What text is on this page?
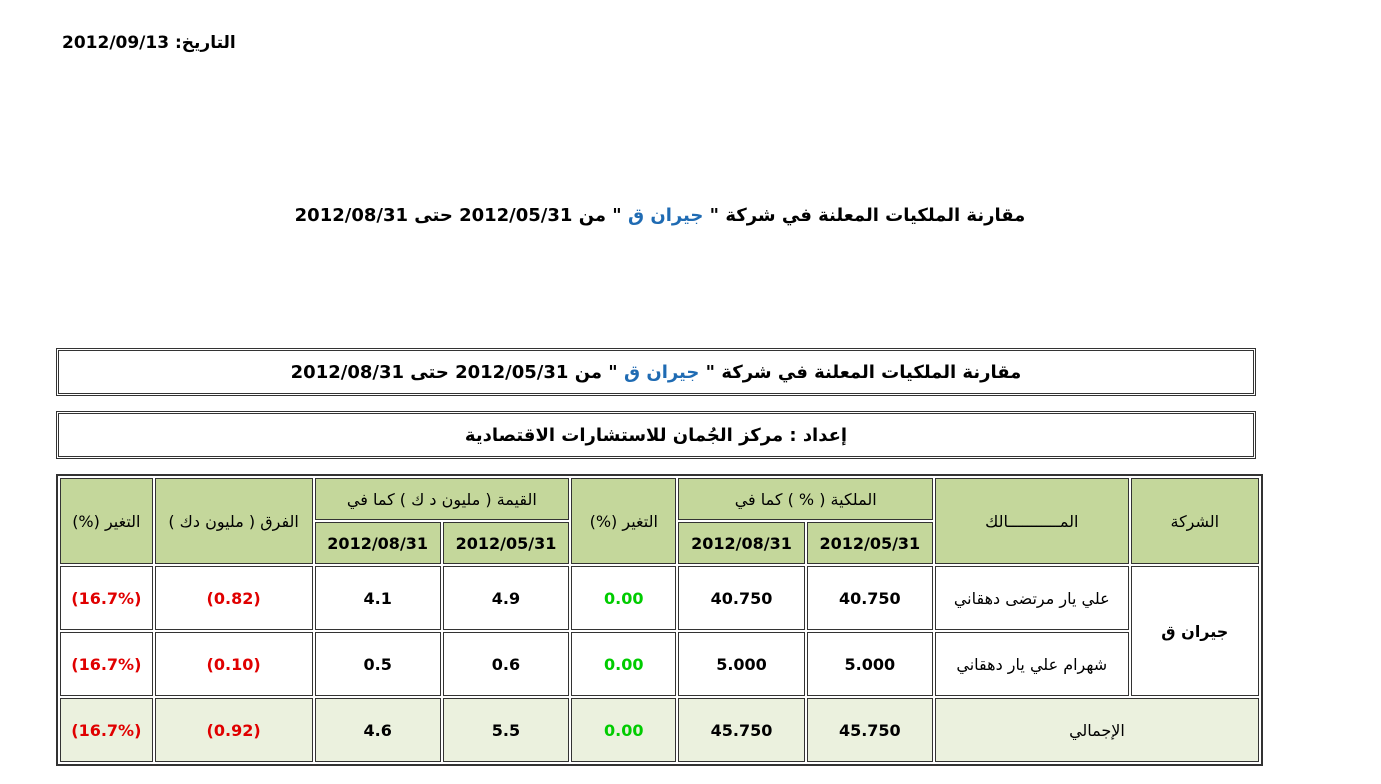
التاريخ: 2012/09/13
مقارنة الملكيات المعلنة في شركة " جيران ق " من 2012/05/31 حتى 2012/08/31
مقارنة الملكيات المعلنة في شركة "

جيران ق

" من 2012/05/31 حتى 2012/08/31
إعداد : مركز الجُمان للاستشارات الاقتصادية
الشركة	المـــــــــــالك	الملكية ( % ) كما في		التغير (%)	القيمة ( مليون د ك ) كما في		الفرق ( مليون دك )	التغير (%)
		2012/05/31	2012/08/31		2012/05/31	2012/08/31		
جيران ق	علي يار مرتضى دهقاني	40.750	40.750	0.00	4.9	4.1	(0.82)	(16.7%)
	شهرام علي يار دهقاني	5.000	5.000	0.00	0.6	0.5	(0.10)	(16.7%)
الإجمالي		45.750	45.750	0.00	5.5	4.6	(0.92)	(16.7%)
